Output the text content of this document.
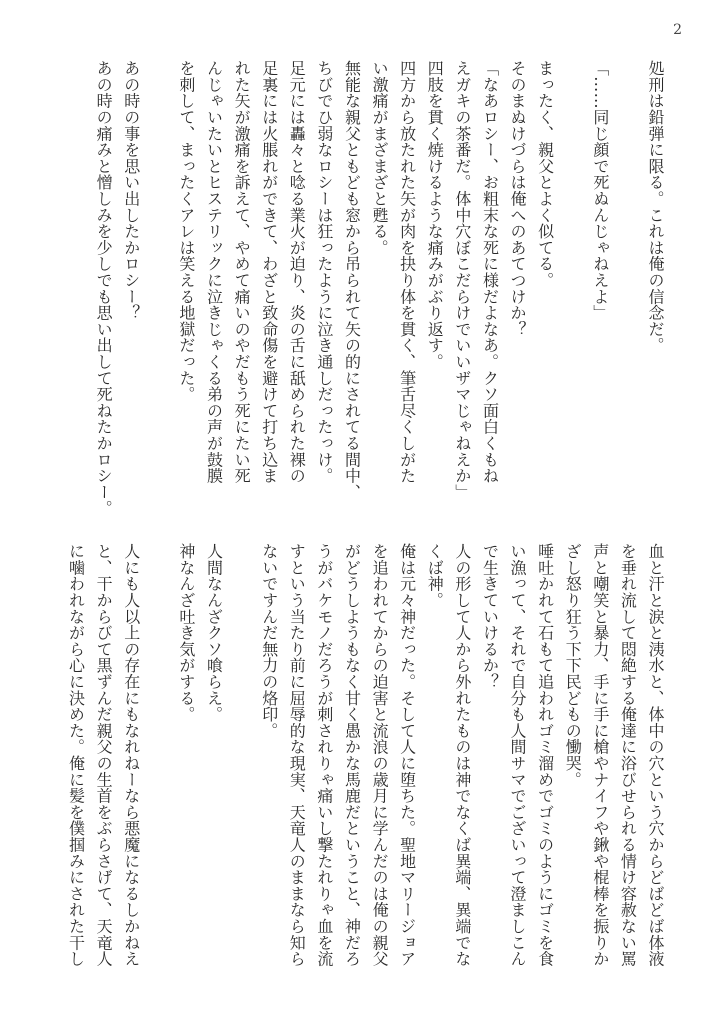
2
処刑は鉛弾に限る。これは俺の信念だ。
「……同じ顔で死ぬんじゃねえよ」
まったく、親父とよく似てる。
そのまぬけづらは俺へのあてつけか？
「なあロシー、お粗末な死に様だよなあ。クソ面白くもね
えガキの茶番だ。体中穴ぼこだらけでいいザマじゃねえか」
四肢を貫く焼けるような痛みがぶり返す。
四方から放たれた矢が肉を抉り体を貫く、筆舌尽くしがた
い激痛がまざまざと甦る。
無能な親父ともども窓から吊られて矢の的にされてる間中、
ちびでひ弱なロシーは狂ったように泣き通しだったっけ。
足元には轟々と唸る業火が迫り、炎の舌に舐められた裸の
足裏には火脹れができて、わざと致命傷を避けて打ち込ま
れた矢が激痛を訴えて、やめて痛いのやだもう死にたい死
んじゃいたいとヒステリックに泣きじゃくる弟の声が鼓膜
を刺して、まったくアレは笑える地獄だった。
あの時の事を思い出したかロシー？
あの時の痛みと憎しみを少しでも思い出して死ねたかロシー。
血と汗と涙と洟水と、体中の穴という穴からどばどば体液
を垂れ流して悶絶する俺達に浴びせられる情け容赦ない罵
声と嘲笑と暴力、手に手に槍やナイフや鍬や棍棒を振りか
ざし怒り狂う下下民どもの慟哭。
唾吐かれて石もて追われゴミ溜めでゴミのようにゴミを食
い漁って、それで自分も人間サマでございって澄ましこん
で生きていけるか？
人の形して人から外れたものは神でなくば異端、異端でな
くば神。
俺は元々神だった。そして人に堕ちた。聖地マリージョア
を追われてからの迫害と流浪の歳月に学んだのは俺の親父
がどうしようもなく甘く愚かな馬鹿だということ、神だろ
うがバケモノだろうが刺されりゃ痛いし撃たれりゃ血を流
すという当たり前に屈辱的な現実、天竜人のままなら知ら
ないですんだ無力の烙印。
人間なんざクソ喰らえ。
神なんざ吐き気がする。
人にも人以上の存在にもなれねーなら悪魔になるしかねえ
と、干からびて黒ずんだ親父の生首をぶらさげて、天竜人
に噛われながら心に決めた。俺に髪を僕掴みにされた干し
